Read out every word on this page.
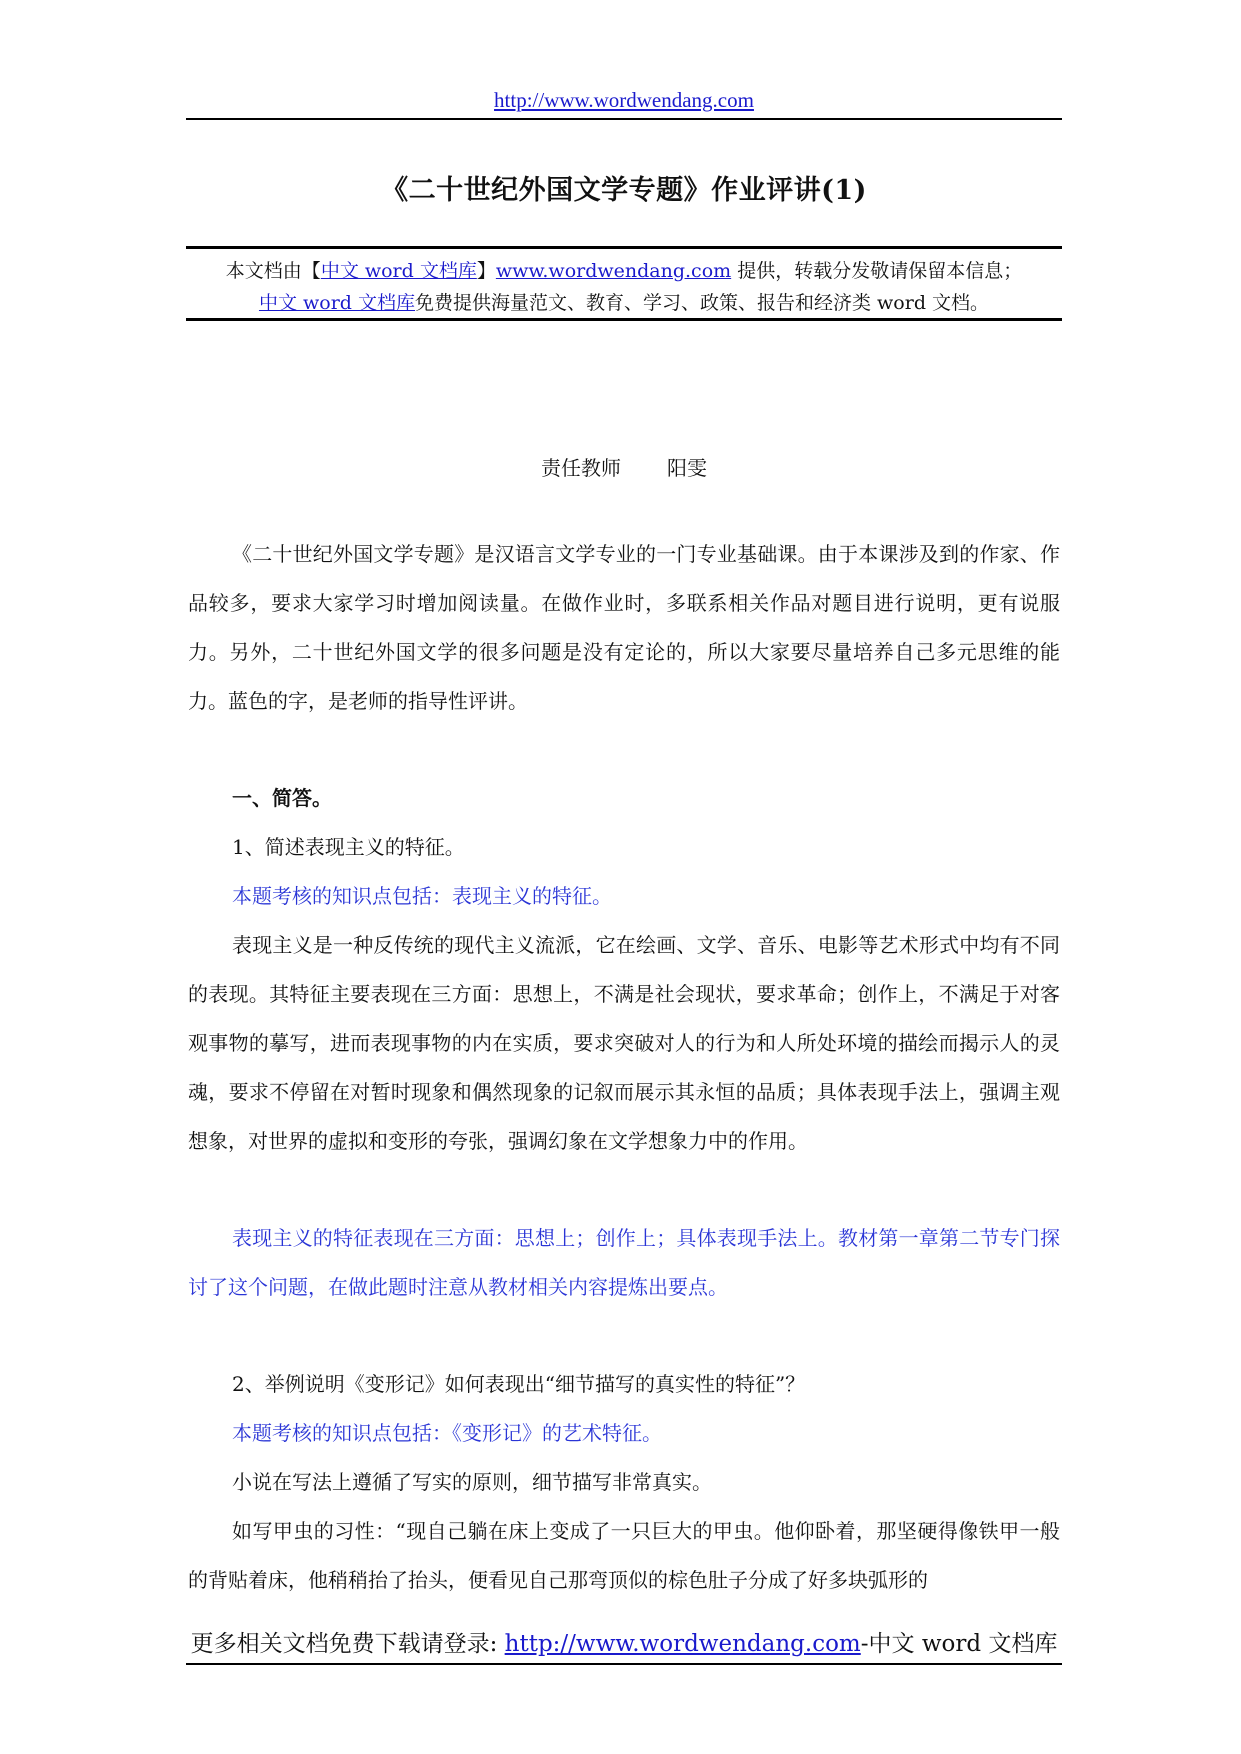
http://www.wordwendang.com
《二十世纪外国文学专题》作业评讲(1)
本文档由【中文 word 文档库】www.wordwendang.com 提供，转载分发敬请保留本信息；
中文 word 文档库免费提供海量范文、教育、学习、政策、报告和经济类 word 文档。
责任教师 阳雯
《二十世纪外国文学专题》是汉语言文学专业的一门专业基础课。由于本课涉及到的作家、作品较多，要求大家学习时增加阅读量。在做作业时，多联系相关作品对题目进行说明，更有说服力。另外，二十世纪外国文学的很多问题是没有定论的，所以大家要尽量培养自己多元思维的能力。蓝色的字，是老师的指导性评讲。
一、简答。
1、简述表现主义的特征。
本题考核的知识点包括：表现主义的特征。
表现主义是一种反传统的现代主义流派，它在绘画、文学、音乐、电影等艺术形式中均有不同的表现。其特征主要表现在三方面：思想上，不满是社会现状，要求革命；创作上，不满足于对客观事物的摹写，进而表现事物的内在实质，要求突破对人的行为和人所处环境的描绘而揭示人的灵魂，要求不停留在对暂时现象和偶然现象的记叙而展示其永恒的品质；具体表现手法上，强调主观想象，对世界的虚拟和变形的夸张，强调幻象在文学想象力中的作用。
表现主义的特征表现在三方面：思想上；创作上；具体表现手法上。教材第一章第二节专门探讨了这个问题，在做此题时注意从教材相关内容提炼出要点。
2、举例说明《变形记》如何表现出“细节描写的真实性的特征”？
本题考核的知识点包括：《变形记》的艺术特征。
小说在写法上遵循了写实的原则，细节描写非常真实。
如写甲虫的习性：“现自己躺在床上变成了一只巨大的甲虫。他仰卧着，那坚硬得像铁甲一般的背贴着床，他稍稍抬了抬头，便看见自己那弯顶似的棕色肚子分成了好多块弧形的
更多相关文档免费下载请登录: http://www.wordwendang.com-中文 word 文档库
